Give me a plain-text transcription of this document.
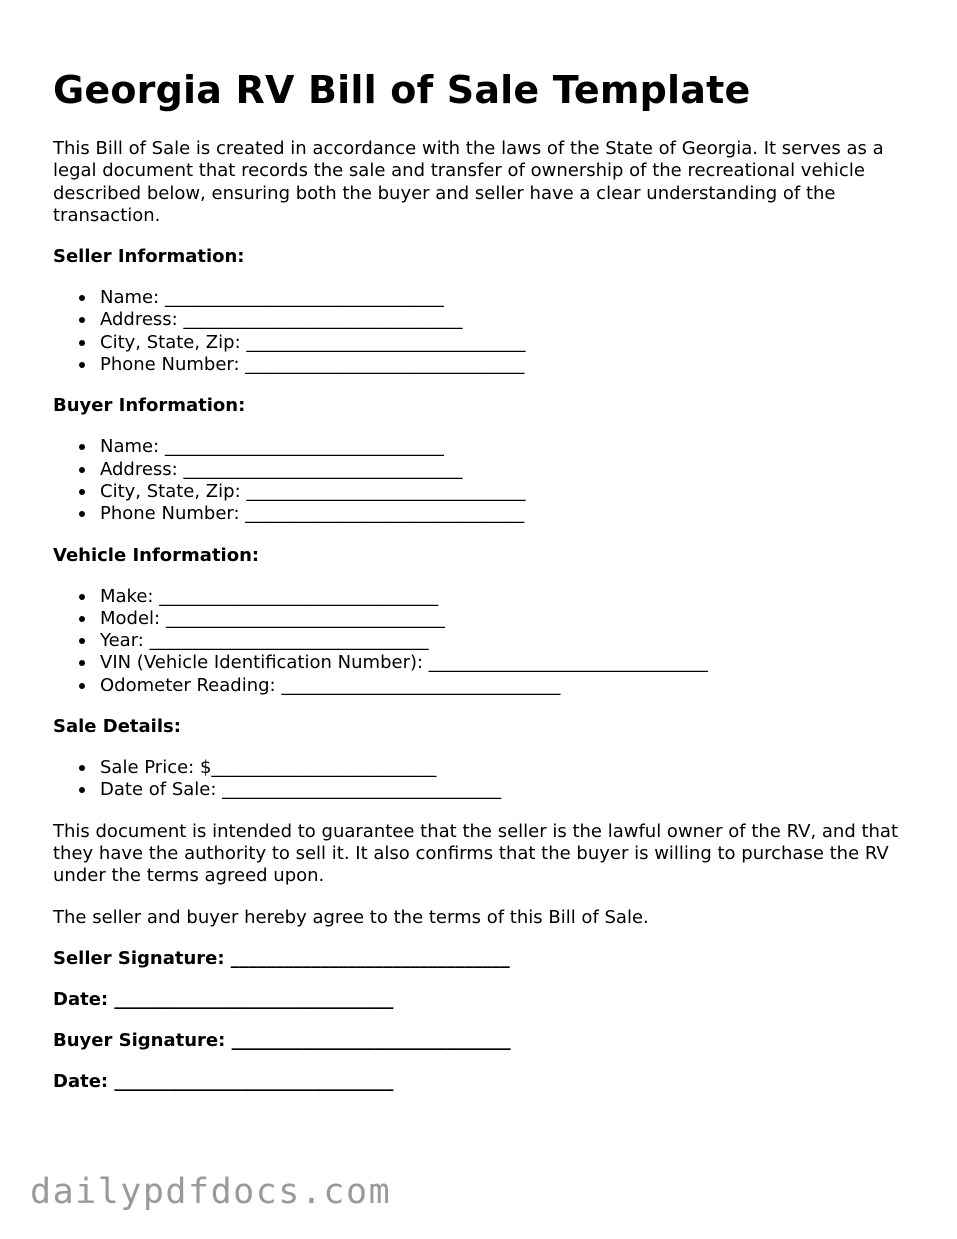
Georgia RV Bill of Sale Template

This Bill of Sale is created in accordance with the laws of the State of Georgia. It serves as a legal document that records the sale and transfer of ownership of the recreational vehicle described below, ensuring both the buyer and seller have a clear understanding of the transaction.

Seller Information:
Name: _______________________________
Address: _______________________________
City, State, Zip: _______________________________
Phone Number: _______________________________
Buyer Information:
Name: _______________________________
Address: _______________________________
City, State, Zip: _______________________________
Phone Number: _______________________________
Vehicle Information:
Make: _______________________________
Model: _______________________________
Year: _______________________________
VIN (Vehicle Identification Number): _______________________________
Odometer Reading: _______________________________
Sale Details:
Sale Price: $_________________________
Date of Sale: _______________________________

This document is intended to guarantee that the seller is the lawful owner of the RV, and that they have the authority to sell it. It also confirms that the buyer is willing to purchase the RV under the terms agreed upon.

The seller and buyer hereby agree to the terms of this Bill of Sale.

Seller Signature: _______________________________
Date: _______________________________
Buyer Signature: _______________________________
Date: _______________________________
dailypdfdocs.com
